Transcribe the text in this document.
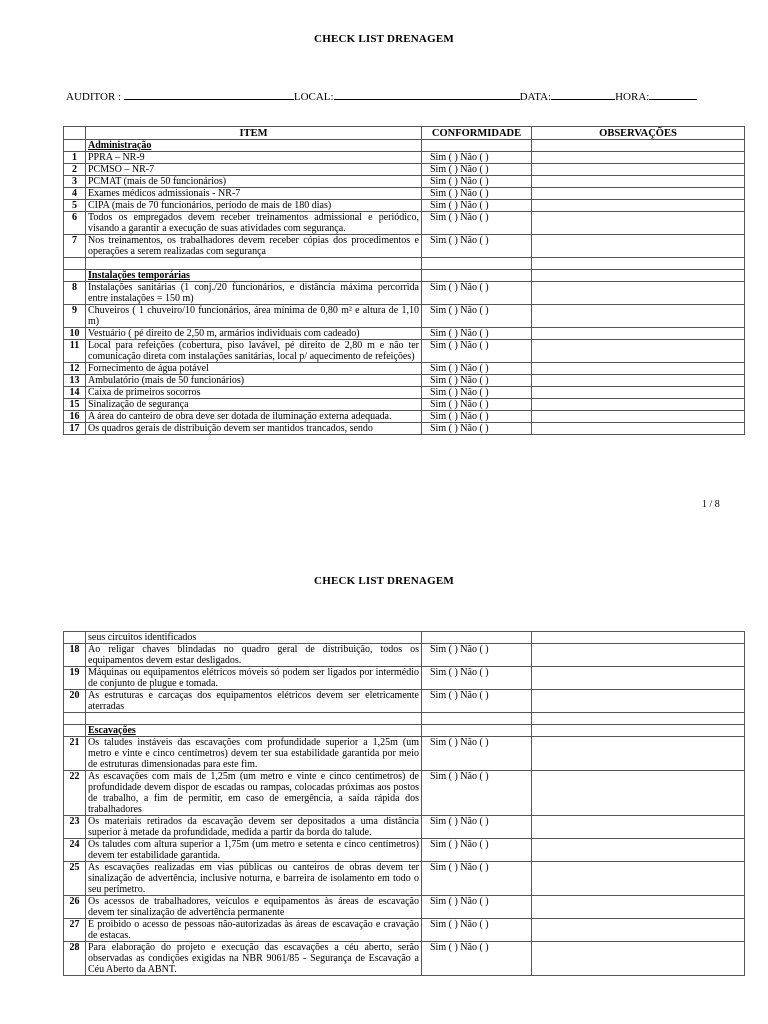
CHECK LIST DRENAGEM
AUDITOR :	LOCAL:	DATA:	HORA:
	ITEM	CONFORMIDADE	OBSERVAÇÕES
	Administração		
1	PPRA – NR-9	Sim ( ) Não ( )	
2	PCMSO – NR-7	Sim ( ) Não ( )	
3	PCMAT (mais de 50 funcionários)	Sim ( ) Não ( )	
4	Exames médicos admissionais - NR-7	Sim ( ) Não ( )	
5	CIPA (mais de 70 funcionários, período de mais de 180 dias)	Sim ( ) Não ( )	
6	Todos os empregados devem receber treinamentos admissional e periódico, visando a garantir a execução de suas atividades com segurança.	Sim ( ) Não ( )	
7	Nos treinamentos, os trabalhadores devem receber cópias dos procedimentos e operações a serem realizadas com segurança	Sim ( ) Não ( )	

	Instalações temporárias		
8	Instalações sanitárias (1 conj./20 funcionários, e distância máxima percorrida entre instalações = 150 m)	Sim ( ) Não ( )	
9	Chuveiros ( 1 chuveiro/10 funcionários, área mínima de 0,80 m² e altura de 1,10 m)	Sim ( ) Não ( )	
10	Vestuário ( pé direito de 2,50 m, armários individuais com cadeado)	Sim ( ) Não ( )	
11	Local para refeições (cobertura, piso lavável, pé direito de 2,80 m e não ter comunicação direta com instalações sanitárias, local p/ aquecimento de refeições)	Sim ( ) Não ( )	
12	Fornecimento de água potável	Sim ( ) Não ( )	
13	Ambulatório (mais de 50 funcionários)	Sim ( ) Não ( )	
14	Caixa de primeiros socorros	Sim ( ) Não ( )	
15	Sinalização de segurança	Sim ( ) Não ( )	
16	A área do canteiro de obra deve ser dotada de iluminação externa adequada.	Sim ( ) Não ( )	
17	Os quadros gerais de distribuição devem ser mantidos trancados, sendo	Sim ( ) Não ( )	
1 / 8
CHECK LIST DRENAGEM
	seus circuitos identificados		
18	Ao religar chaves blindadas no quadro geral de distribuição, todos os equipamentos devem estar desligados.	Sim ( ) Não ( )	
19	Máquinas ou equipamentos elétricos móveis só podem ser ligados por intermédio de conjunto de plugue e tomada.	Sim ( ) Não ( )	
20	As estruturas e carcaças dos equipamentos elétricos devem ser eletricamente aterradas	Sim ( ) Não ( )	

	Escavações		
21	Os taludes instáveis das escavações com profundidade superior a 1,25m (um metro e vinte e cinco centímetros) devem ter sua estabilidade garantida por meio de estruturas dimensionadas para este fim.	Sim ( ) Não ( )	
22	As escavações com mais de 1,25m (um metro e vinte e cinco centímetros) de profundidade devem dispor de escadas ou rampas, colocadas próximas aos postos de trabalho, a fim de permitir, em caso de emergência, a saída rápida dos trabalhadores	Sim ( ) Não ( )	
23	Os materiais retirados da escavação devem ser depositados a uma distância superior à metade da profundidade, medida a partir da borda do talude.	Sim ( ) Não ( )	
24	Os taludes com altura superior a 1,75m (um metro e setenta e cinco centímetros) devem ter estabilidade garantida.	Sim ( ) Não ( )	
25	As escavações realizadas em vias públicas ou canteiros de obras devem ter sinalização de advertência, inclusive noturna, e barreira de isolamento em todo o seu perímetro.	Sim ( ) Não ( )	
26	Os acessos de trabalhadores, veículos e equipamentos às áreas de escavação devem ter sinalização de advertência permanente	Sim ( ) Não ( )	
27	É proibido o acesso de pessoas não-autorizadas às áreas de escavação e cravação de estacas.	Sim ( ) Não ( )	
28	Para elaboração do projeto e execução das escavações a céu aberto, serão observadas as condições exigidas na NBR 9061/85 - Segurança de Escavação a Céu Aberto da ABNT.	Sim ( ) Não ( )	
